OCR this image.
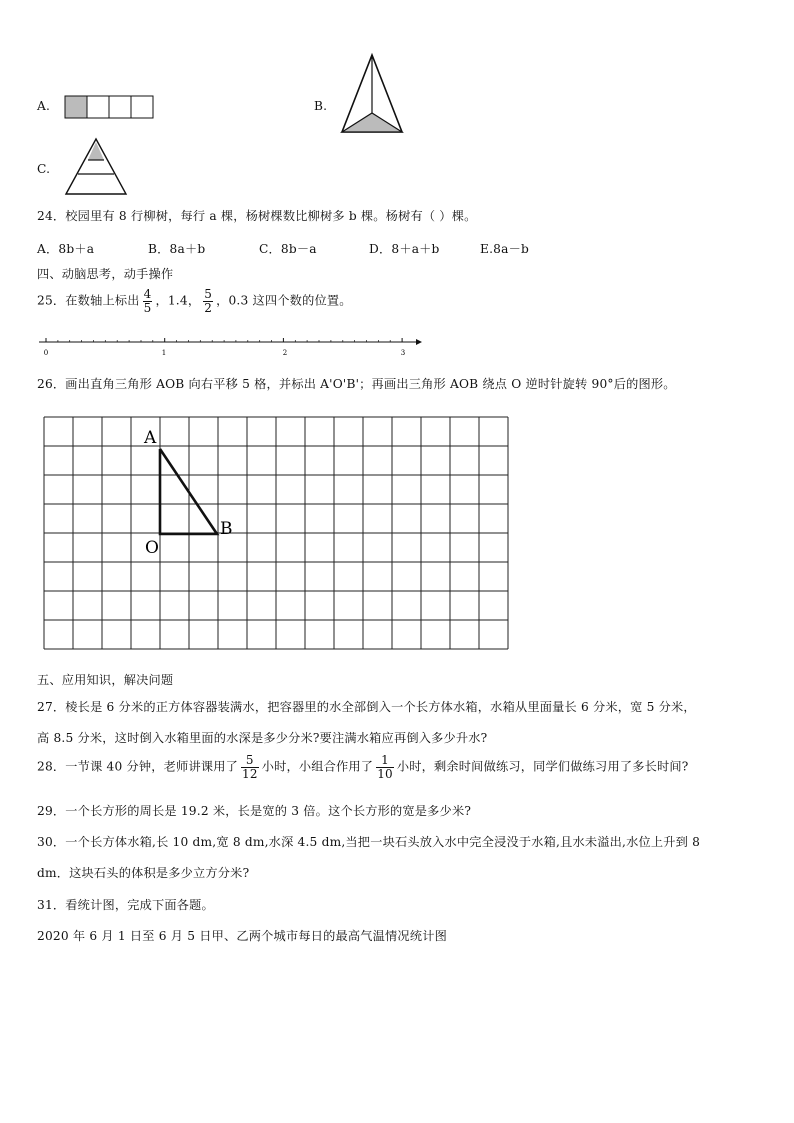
A.	B.
C.
24．校园里有 8 行柳树，每行 a 棵，杨树棵数比柳树多 b 棵。杨树有（ ）棵。
A．8b＋a	B．8a＋b	C．8b－a	D．8＋a＋b	E.8a－b
四、动脑思考，动手操作
25．在数轴上标出 $\frac{4}{5}$ ，1.4， $\frac{5}{2}$ ，0.3 这四个数的位置。
0	1	2	3
26．画出直角三角形 AOB 向右平移 5 格，并标出 A'O'B'；再画出三角形 AOB 绕点 O 逆时针旋转 90°后的图形。
A
O
B
五、应用知识，解决问题
27．棱长是 6 分米的正方体容器装满水，把容器里的水全部倒入一个长方体水箱，水箱从里面量长 6 分米，宽 5 分米，
高 8.5 分米，这时倒入水箱里面的水深是多少分米?要注满水箱应再倒入多少升水?
28．一节课 40 分钟，老师讲课用了 $\frac{5}{12}$ 小时，小组合作用了 $\frac{1}{10}$ 小时，剩余时间做练习，同学们做练习用了多长时间?
29．一个长方形的周长是 19.2 米，长是宽的 3 倍。这个长方形的宽是多少米?
30．一个长方体水箱,长 10 dm,宽 8 dm,水深 4.5 dm,当把一块石头放入水中完全浸没于水箱,且水未溢出,水位上升到 8
dm．这块石头的体积是多少立方分米?
31．看统计图，完成下面各题。
2020 年 6 月 1 日至 6 月 5 日甲、乙两个城市每日的最高气温情况统计图
